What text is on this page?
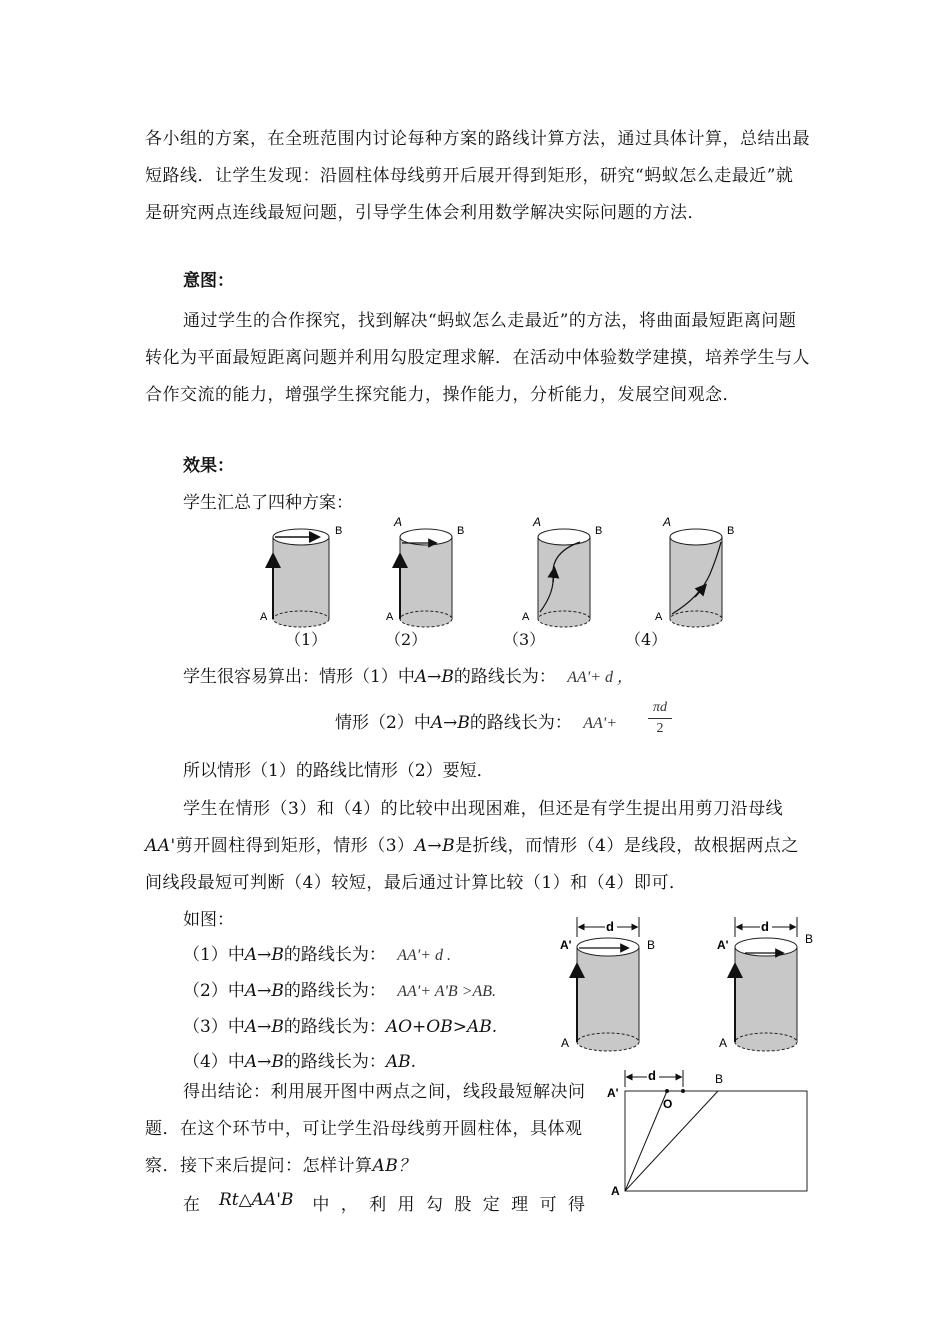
各小组的方案，在全班范围内讨论每种方案的路线计算方法，通过具体计算，总结出最短路线．让学生发现：沿圆柱体母线剪开后展开得到矩形，研究“蚂蚁怎么走最近”就是研究两点连线最短问题，引导学生体会利用数学解决实际问题的方法．

意图：

通过学生的合作探究，找到解决“蚂蚁怎么走最近”的方法，将曲面最短距离问题转化为平面最短距离问题并利用勾股定理求解．在活动中体验数学建摸，培养学生与人合作交流的能力，增强学生探究能力，操作能力，分析能力，发展空间观念．

效果：
学生汇总了四种方案：
B
A
B
A
A
B
A
A
B
A
A
（1）	（2）	（3）	（4）
学生很容易算出：情形（1）中A→B的路线长为： AA'+ d ，
情形（2）中A→B的路线长为： $AA'+ \frac{\pi d}{2}$
所以情形（1）的路线比情形（2）要短．

学生在情形（3）和（4）的比较中出现困难，但还是有学生提出用剪刀沿母线AA'剪开圆柱得到矩形，情形（3）A→B是折线，而情形（4）是线段，故根据两点之间线段最短可判断（4）较短，最后通过计算比较（1）和（4）即可．

如图：
（1）中A→B的路线长为： AA'+ d .
（2）中A→B的路线长为： AA'+ A'B >AB.
（3）中A→B的路线长为：AO+OB>AB.
（4）中A→B的路线长为：AB.

得出结论：利用展开图中两点之间，线段最短解决问题．在这个环节中，可让学生沿母线剪开圆柱体，具体观察．接下来后提问：怎样计算AB？

在 Rt△AA'B 中 ， 利 用 勾 股 定 理 可 得
d
A'	B
A
d
A'	B
A
d
A'
B
O
A
